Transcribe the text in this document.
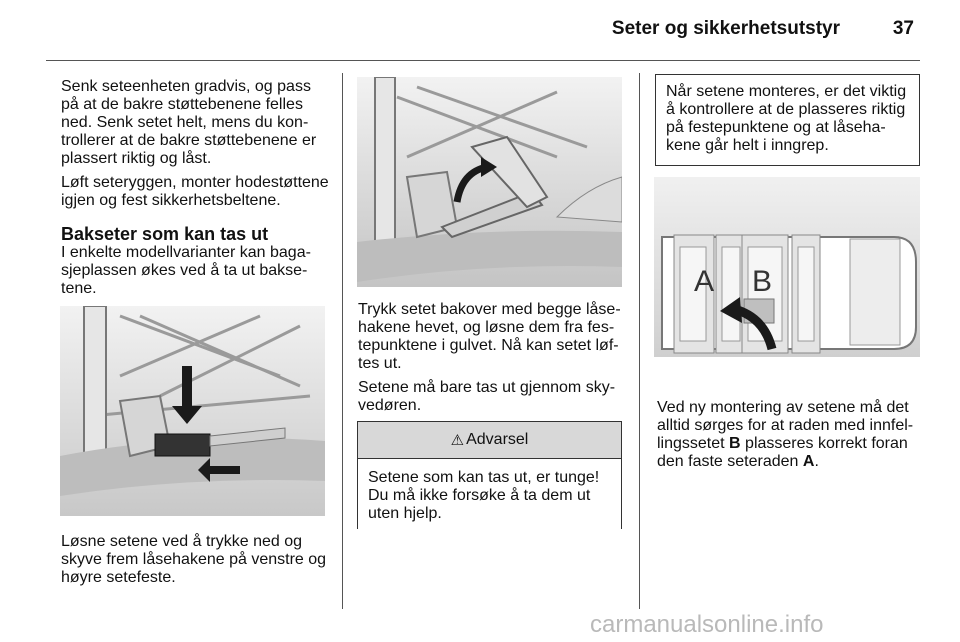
Seter og sikkerhetsutstyr	37

Senk seteenheten gradvis, og pass på at de bakre støttebenene felles ned. Senk setet helt, mens du kontrollerer at de bakre støttebenene er plassert riktig og låst.

Løft seteryggen, monter hodestøttene igjen og fest sikkerhetsbeltene.

Bakseter som kan tas ut

I enkelte modellvarianter kan bagasjeplassen økes ved å ta ut baksetene.

Løsne setene ved å trykke ned og skyve frem låsehakene på venstre og høyre setefeste.

Trykk setet bakover med begge låsehakene hevet, og løsne dem fra festepunktene i gulvet. Nå kan setet løftes ut.

Setene må bare tas ut gjennom skyvedøren.

⚠ Advarsel
Setene som kan tas ut, er tunge! Du må ikke forsøke å ta dem ut uten hjelp.
Når setene monteres, er det viktig å kontrollere at de plasseres riktig på festepunktene og at låsehakene går helt i inngrep.
A B

Ved ny montering av setene må det alltid sørges for at raden med innfellingssetet B plasseres korrekt foran den faste seteraden A.

carmanualsonline.info
